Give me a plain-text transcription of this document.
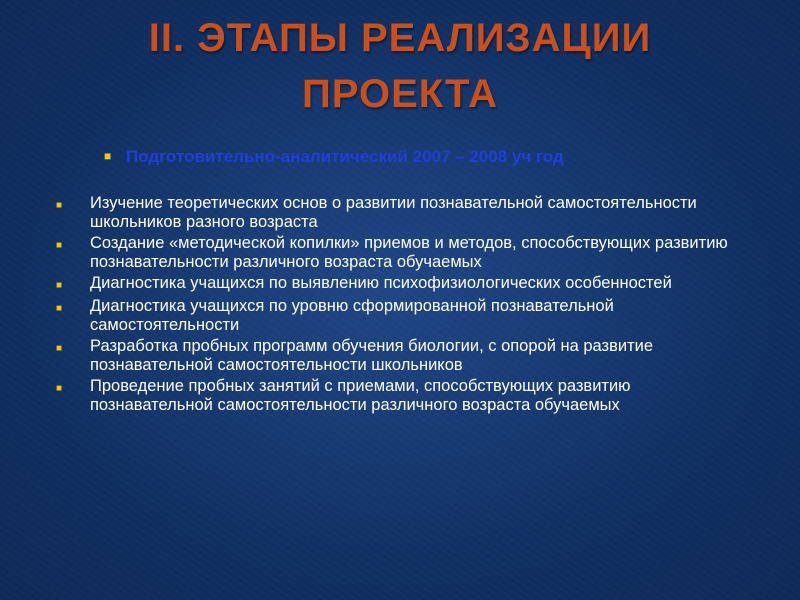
II. ЭТАПЫ РЕАЛИЗАЦИИ
ПРОЕКТА
■ Подготовительно-аналитический 2007 – 2008 уч год
■	Изучение теоретических основ о развитии познавательной самостоятельности школьников разного возраста
■	Создание «методической копилки» приемов и методов, способствующих развитию познавательности различного возраста обучаемых
■	Диагностика учащихся по выявлению психофизиологических особенностей
■	Диагностика учащихся по уровню сформированной познавательной самостоятельности
■	Разработка пробных программ обучения биологии, с опорой на развитие познавательной самостоятельности школьников
■	Проведение пробных занятий с приемами, способствующих развитию познавательной самостоятельности различного возраста обучаемых
